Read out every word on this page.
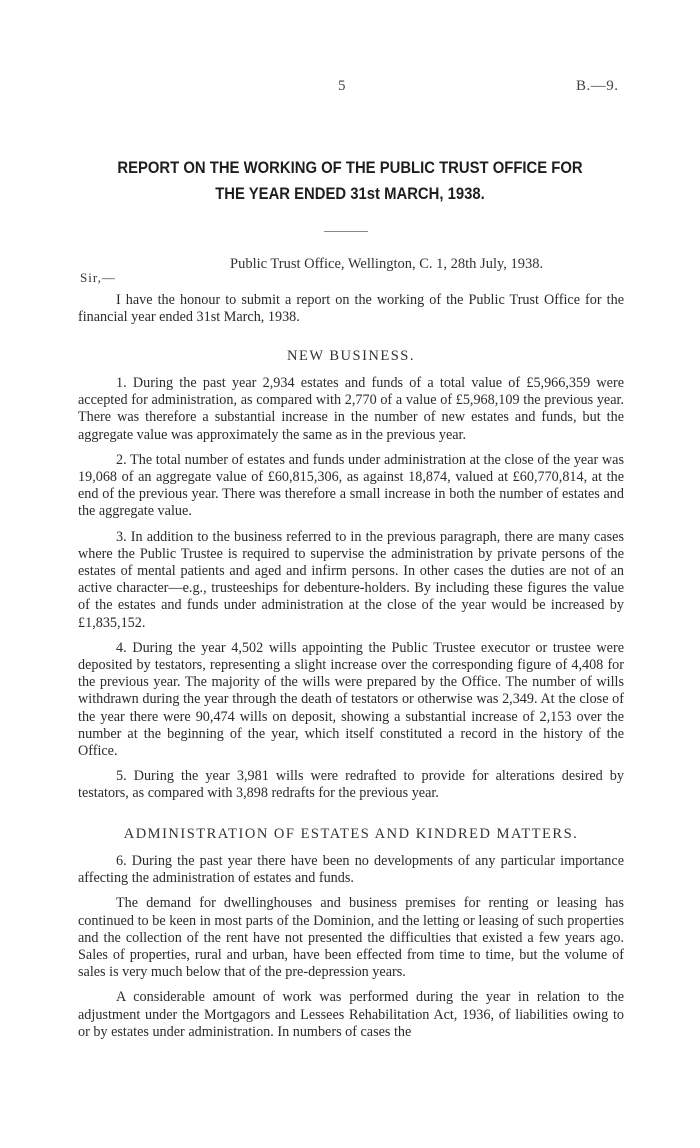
5	B.—9.
REPORT ON THE WORKING OF THE PUBLIC TRUST OFFICE FOR THE YEAR ENDED 31st MARCH, 1938.
Public Trust Office, Wellington, C. 1, 28th July, 1938.
Sir,—

I have the honour to submit a report on the working of the Public Trust Office for the financial year ended 31st March, 1938.

NEW BUSINESS.

1. During the past year 2,934 estates and funds of a total value of £5,966,359 were accepted for administration, as compared with 2,770 of a value of £5,968,109 the previous year. There was therefore a substantial increase in the number of new estates and funds, but the aggregate value was approximately the same as in the previous year.

2. The total number of estates and funds under administration at the close of the year was 19,068 of an aggregate value of £60,815,306, as against 18,874, valued at £60,770,814, at the end of the previous year. There was therefore a small increase in both the number of estates and the aggregate value.

3. In addition to the business referred to in the previous paragraph, there are many cases where the Public Trustee is required to supervise the administration by private persons of the estates of mental patients and aged and infirm persons. In other cases the duties are not of an active character—e.g., trusteeships for debenture-holders. By including these figures the value of the estates and funds under administration at the close of the year would be increased by £1,835,152.

4. During the year 4,502 wills appointing the Public Trustee executor or trustee were deposited by testators, representing a slight increase over the corresponding figure of 4,408 for the previous year. The majority of the wills were prepared by the Office. The number of wills withdrawn during the year through the death of testators or otherwise was 2,349. At the close of the year there were 90,474 wills on deposit, showing a substantial increase of 2,153 over the number at the beginning of the year, which itself constituted a record in the history of the Office.

5. During the year 3,981 wills were redrafted to provide for alterations desired by testators, as compared with 3,898 redrafts for the previous year.

ADMINISTRATION OF ESTATES AND KINDRED MATTERS.

6. During the past year there have been no developments of any particular importance affecting the administration of estates and funds.

The demand for dwellinghouses and business premises for renting or leasing has continued to be keen in most parts of the Dominion, and the letting or leasing of such properties and the collection of the rent have not presented the difficulties that existed a few years ago. Sales of properties, rural and urban, have been effected from time to time, but the volume of sales is very much below that of the pre-depression years.

A considerable amount of work was performed during the year in relation to the adjustment under the Mortgagors and Lessees Rehabilitation Act, 1936, of liabilities owing to or by estates under administration. In numbers of cases the
